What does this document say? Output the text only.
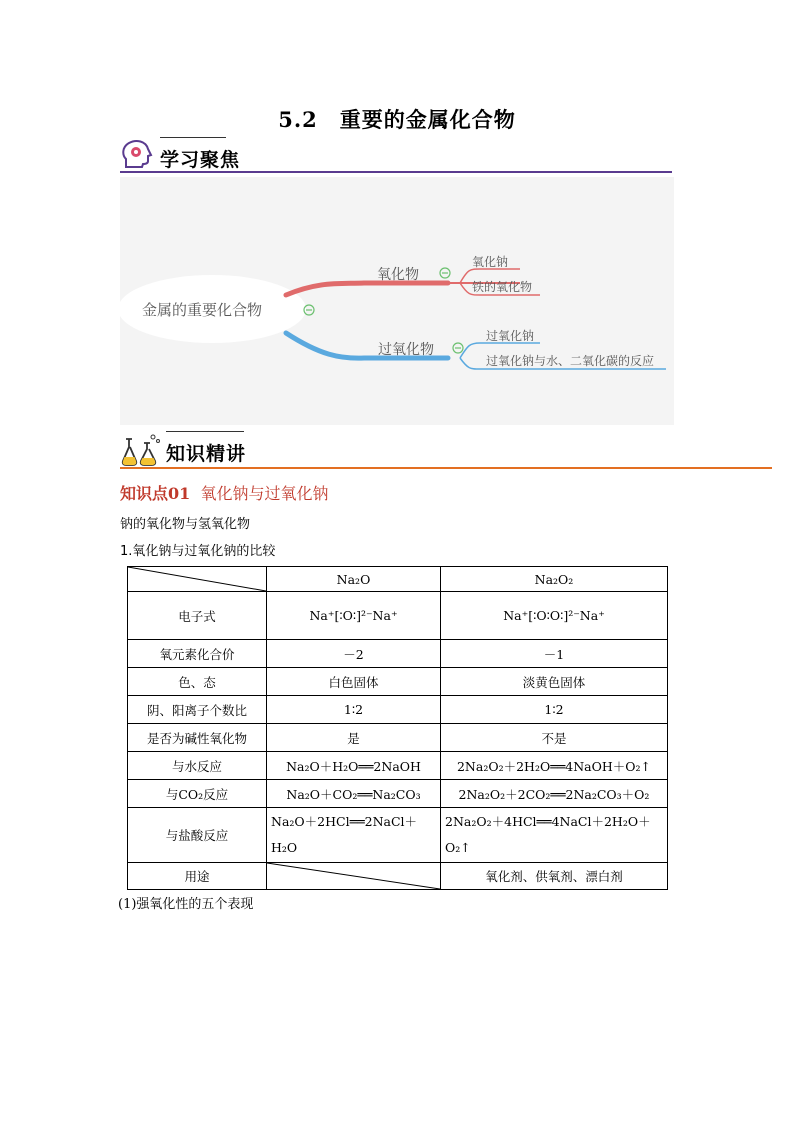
5.2　重要的金属化合物
学习聚焦
金属的重要化合物
氧化物
氧化钠
铁的氧化物
过氧化物
过氧化钠
过氧化钠与水、二氧化碳的反应
知识精讲
知识点01 氧化钠与过氧化钠
钠的氧化物与氢氧化物
1.氧化钠与过氧化钠的比较
	Na₂O	Na₂O₂
电子式	Na⁺[∶O∶]²⁻Na⁺	Na⁺[∶O∶O∶]²⁻Na⁺
氧元素化合价	－2	－1
色、态	白色固体	淡黄色固体
阴、阳离子个数比	1∶2	1∶2
是否为碱性氧化物	是	不是
与水反应	Na₂O＋H₂O══2NaOH	2Na₂O₂＋2H₂O══4NaOH＋O₂↑
与CO₂反应	Na₂O＋CO₂══Na₂CO₃	2Na₂O₂＋2CO₂══2Na₂CO₃＋O₂
与盐酸反应	Na₂O＋2HCl══2NaCl＋H₂O	2Na₂O₂＋4HCl══4NaCl＋2H₂O＋O₂↑
用途		氧化剂、供氧剂、漂白剂
(1)强氧化性的五个表现
